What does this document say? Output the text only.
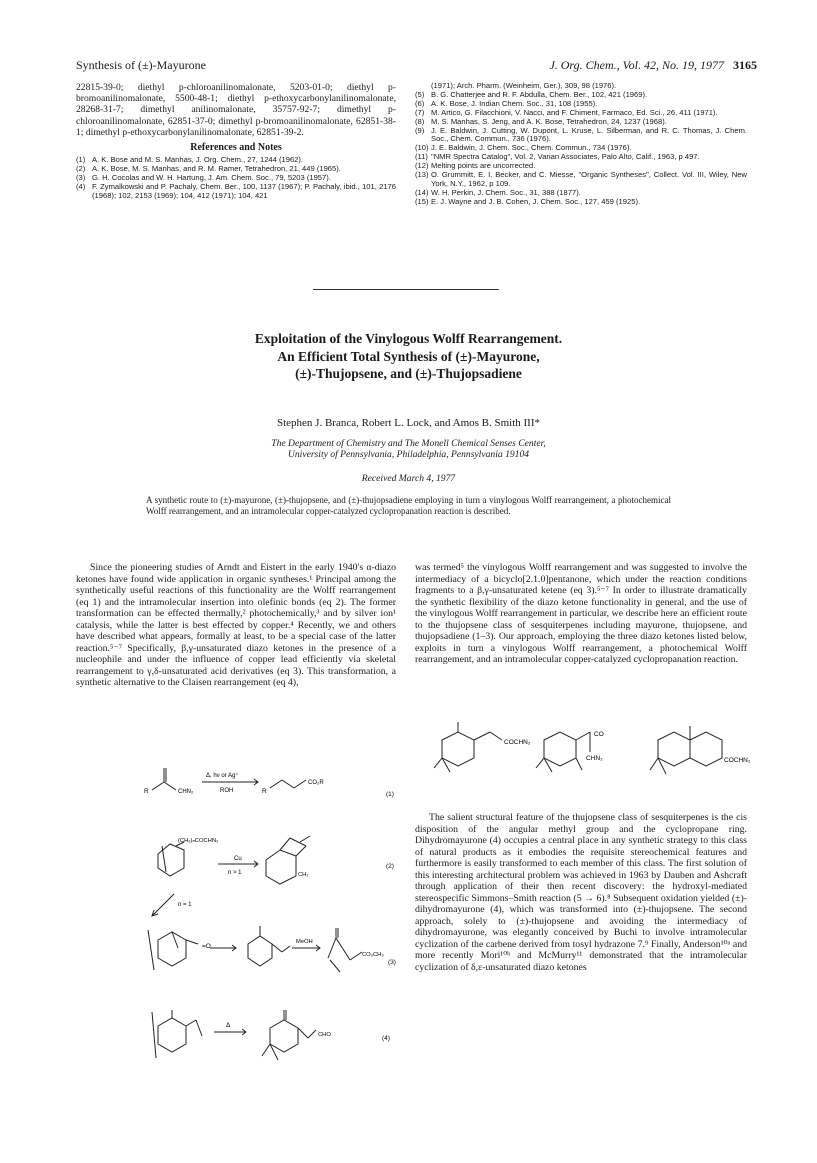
Synthesis of (±)-Mayurone	J. Org. Chem., Vol. 42, No. 19, 1977 3165
22815-39-0; diethyl p-chloroanilinomalonate, 5203-01-0; diethyl p-bromoanilinomalonate, 5500-48-1; diethyl p-ethoxycarbonylanilinomalonate, 28268-31-7; dimethyl anilinomalonate, 35757-92-7; dimethyl p-chloroanilinomalonate, 62851-37-0; dimethyl p-bromoanilinomalonate, 62851-38-1; dimethyl p-ethoxycarbonylanilinomalonate, 62851-39-2.
References and Notes
(1) A. K. Bose and M. S. Manhas, J. Org. Chem., 27, 1244 (1962).
(2) A. K. Bose, M. S. Manhas, and R. M. Ramer, Tetrahedron, 21, 449 (1965).
(3) G. H. Cocolas and W. H. Hartung, J. Am. Chem. Soc., 79, 5203 (1957).
(4) F. Zymalkowski and P. Pachaly, Chem. Ber., 100, 1137 (1967); P. Pachaly, ibid., 101, 2176 (1968); 102, 2153 (1969); 104, 412 (1971); 104, 421
(1971); Arch. Pharm. (Weinheim, Ger.), 309, 98 (1976).
(5) B. G. Chatterjee and R. F. Abdulla, Chem. Ber., 102, 421 (1969).
(6) A. K. Bose, J. Indian Chem. Soc., 31, 108 (1955).
(7) M. Artico, G. Filacchioni, V. Nacci, and F. Chiment, Farmaco, Ed. Sci., 26, 411 (1971).
(8) M. S. Manhas, S. Jeng, and A. K. Bose, Tetrahedron, 24, 1237 (1968).
(9) J. E. Baldwin, J. Cutting, W. Dupont, L. Kruse, L. Silberman, and R. C. Thomas, J. Chem. Soc., Chem. Commun., 736 (1976).
(10) J. E. Baldwin, J. Chem. Soc., Chem. Commun., 734 (1976).
(11) "NMR Spectra Catalog", Vol. 2, Varian Associates, Palo Alto, Calif., 1963, p 497.
(12) Melting points are uncorrected.
(13) O. Grummitt, E. I. Becker, and C. Miesse, "Organic Syntheses", Collect. Vol. III, Wiley, New York, N.Y., 1962, p 109.
(14) W. H. Perkin, J. Chem. Soc., 31, 388 (1877).
(15) E. J. Wayne and J. B. Cohen, J. Chem. Soc., 127, 459 (1925).
Exploitation of the Vinylogous Wolff Rearrangement.
An Efficient Total Synthesis of (±)-Mayurone,
(±)-Thujopsene, and (±)-Thujopsadiene
Stephen J. Branca, Robert L. Lock, and Amos B. Smith III*
The Department of Chemistry and The Monell Chemical Senses Center,
University of Pennsylvania, Philadelphia, Pennsylvania 19104
Received March 4, 1977
A synthetic route to (±)-mayurone, (±)-thujopsene, and (±)-thujopsadiene employing in turn a vinylogous Wolff rearrangement, a photochemical Wolff rearrangement, and an intramolecular copper-catalyzed cyclopropanation reaction is described.

Since the pioneering studies of Arndt and Eistert in the early 1940's α-diazo ketones have found wide application in organic syntheses.¹ Principal among the synthetically useful reactions of this functionality are the Wolff rearrangement (eq 1) and the intramolecular insertion into olefinic bonds (eq 2). The former transformation can be effected thermally,² photochemically,³ and by silver ion¹ catalysis, while the latter is best effected by copper.⁴ Recently, we and others have described what appears, formally at least, to be a special case of the latter reaction.⁵⁻⁷ Specifically, β,γ-unsaturated diazo ketones in the presence of a nucleophile and under the influence of copper lead efficiently via skeletal rearrangement to γ,δ-unsaturated acid derivatives (eq 3). This transformation, a synthetic alternative to the Claisen rearrangement (eq 4),

was termed⁵ the vinylogous Wolff rearrangement and was suggested to involve the intermediacy of a bicyclo[2.1.0]pentanone, which under the reaction conditions fragments to a β,γ-unsaturated ketene (eq 3).⁵⁻⁷ In order to illustrate dramatically the synthetic flexibility of the diazo ketone functionality in general, and the use of the vinylogous Wolff rearrangement in particular, we describe here an efficient route to the thujopsene class of sesquiterpenes including mayurone, thujopsene, and thujopsadiene (1–3). Our approach, employing the three diazo ketones listed below, exploits in turn a vinylogous Wolff rearrangement, a photochemical Wolff rearrangement, and an intramolecular copper-catalyzed cyclopropanation reaction.

The salient structural feature of the thujopsene class of sesquiterpenes is the cis disposition of the angular methyl group and the cyclopropane ring. Dihydromayurone (4) occupies a central place in any synthetic strategy to this class of natural products as it embodies the requisite stereochemical features and furthermore is easily transformed to each member of this class. The first solution of this interesting architectural problem was achieved in 1963 by Dauben and Ashcraft through application of their then recent discovery: the hydroxyl-mediated stereospecific Simmons–Smith reaction (5 → 6).⁸ Subsequent oxidation yielded (±)-dihydromayurone (4), which was transformed into (±)-thujopsene. The second approach, solely to (±)-thujopsene and avoiding the intermediacy of dihydromayurone, was elegantly conceived by Buchi to involve intramolecular cyclization of the carbene derived from tosyl hydrazone 7.⁹ Finally, Anderson¹⁰ᵃ and more recently Mori¹⁰ᵇ and McMurry¹¹ demonstrated that the intramolecular cyclization of δ,ε-unsaturated diazo ketones

COCHN₂
CO
CHN₂	COCHN₂
R	CHN₂
Δ, hν or Ag⁺
ROH	R
CO₂R
(1)
(CH₂)ₙCOCHN₂
Cu
n > 1	CH₂
n = 1
(2)
=O
MeOH
CO₂CH₃
(3)
Δ
CHO	(4)
